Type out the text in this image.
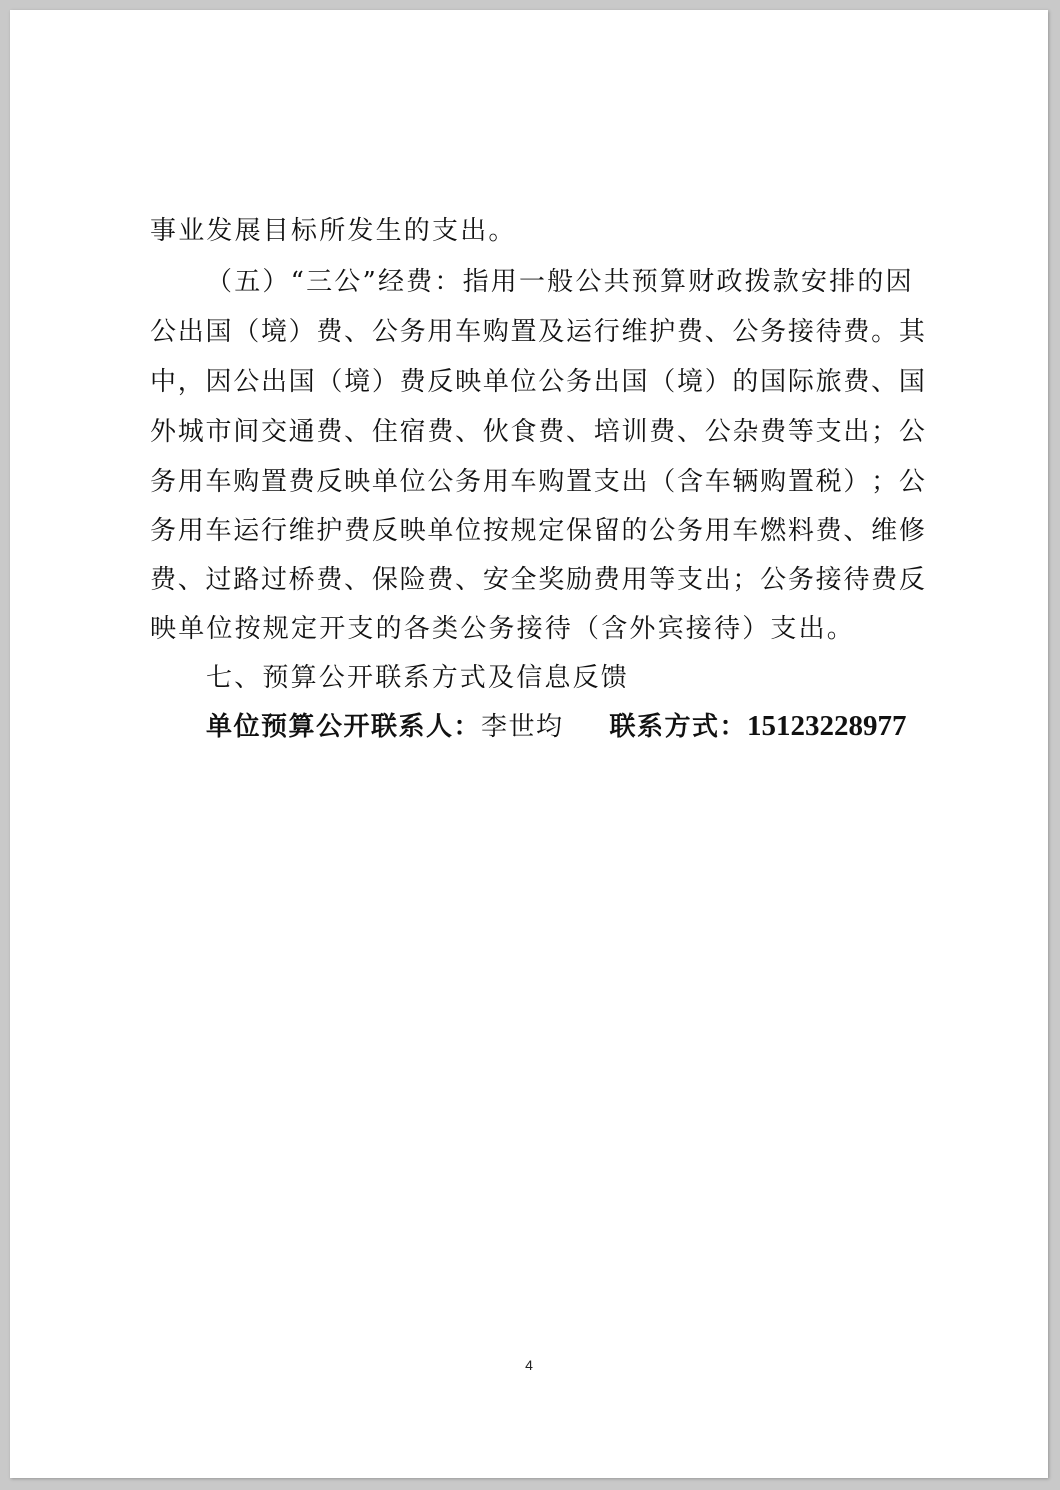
事业发展目标所发生的支出。
（五）“三公”经费：指用一般公共预算财政拨款安排的因
公 出 国 （ 境 ） 费 、 公 务 用 车 购 置 及 运 行 维 护 费 、 公 务 接 待 费 。 其
中 ， 因 公 出 国 （ 境 ） 费 反 映 单 位 公 务 出 国 （ 境 ） 的 国 际 旅 费 、 国
外 城 市 间 交 通 费 、 住 宿 费 、 伙 食 费 、 培 训 费 、 公 杂 费 等 支 出 ； 公
务 用 车 购 置 费 反 映 单 位 公 务 用 车 购 置 支 出 （ 含 车 辆 购 置 税 ） ； 公
务 用 车 运 行 维 护 费 反 映 单 位 按 规 定 保 留 的 公 务 用 车 燃 料 费 、 维 修
费 、 过 路 过 桥 费 、 保 险 费 、 安 全 奖 励 费 用 等 支 出 ； 公 务 接 待 费 反
映单位按规定开支的各类公务接待（含外宾接待）支出。
七、预算公开联系方式及信息反馈
单位预算公开联系人：李世均 联系方式：15123228977
4
